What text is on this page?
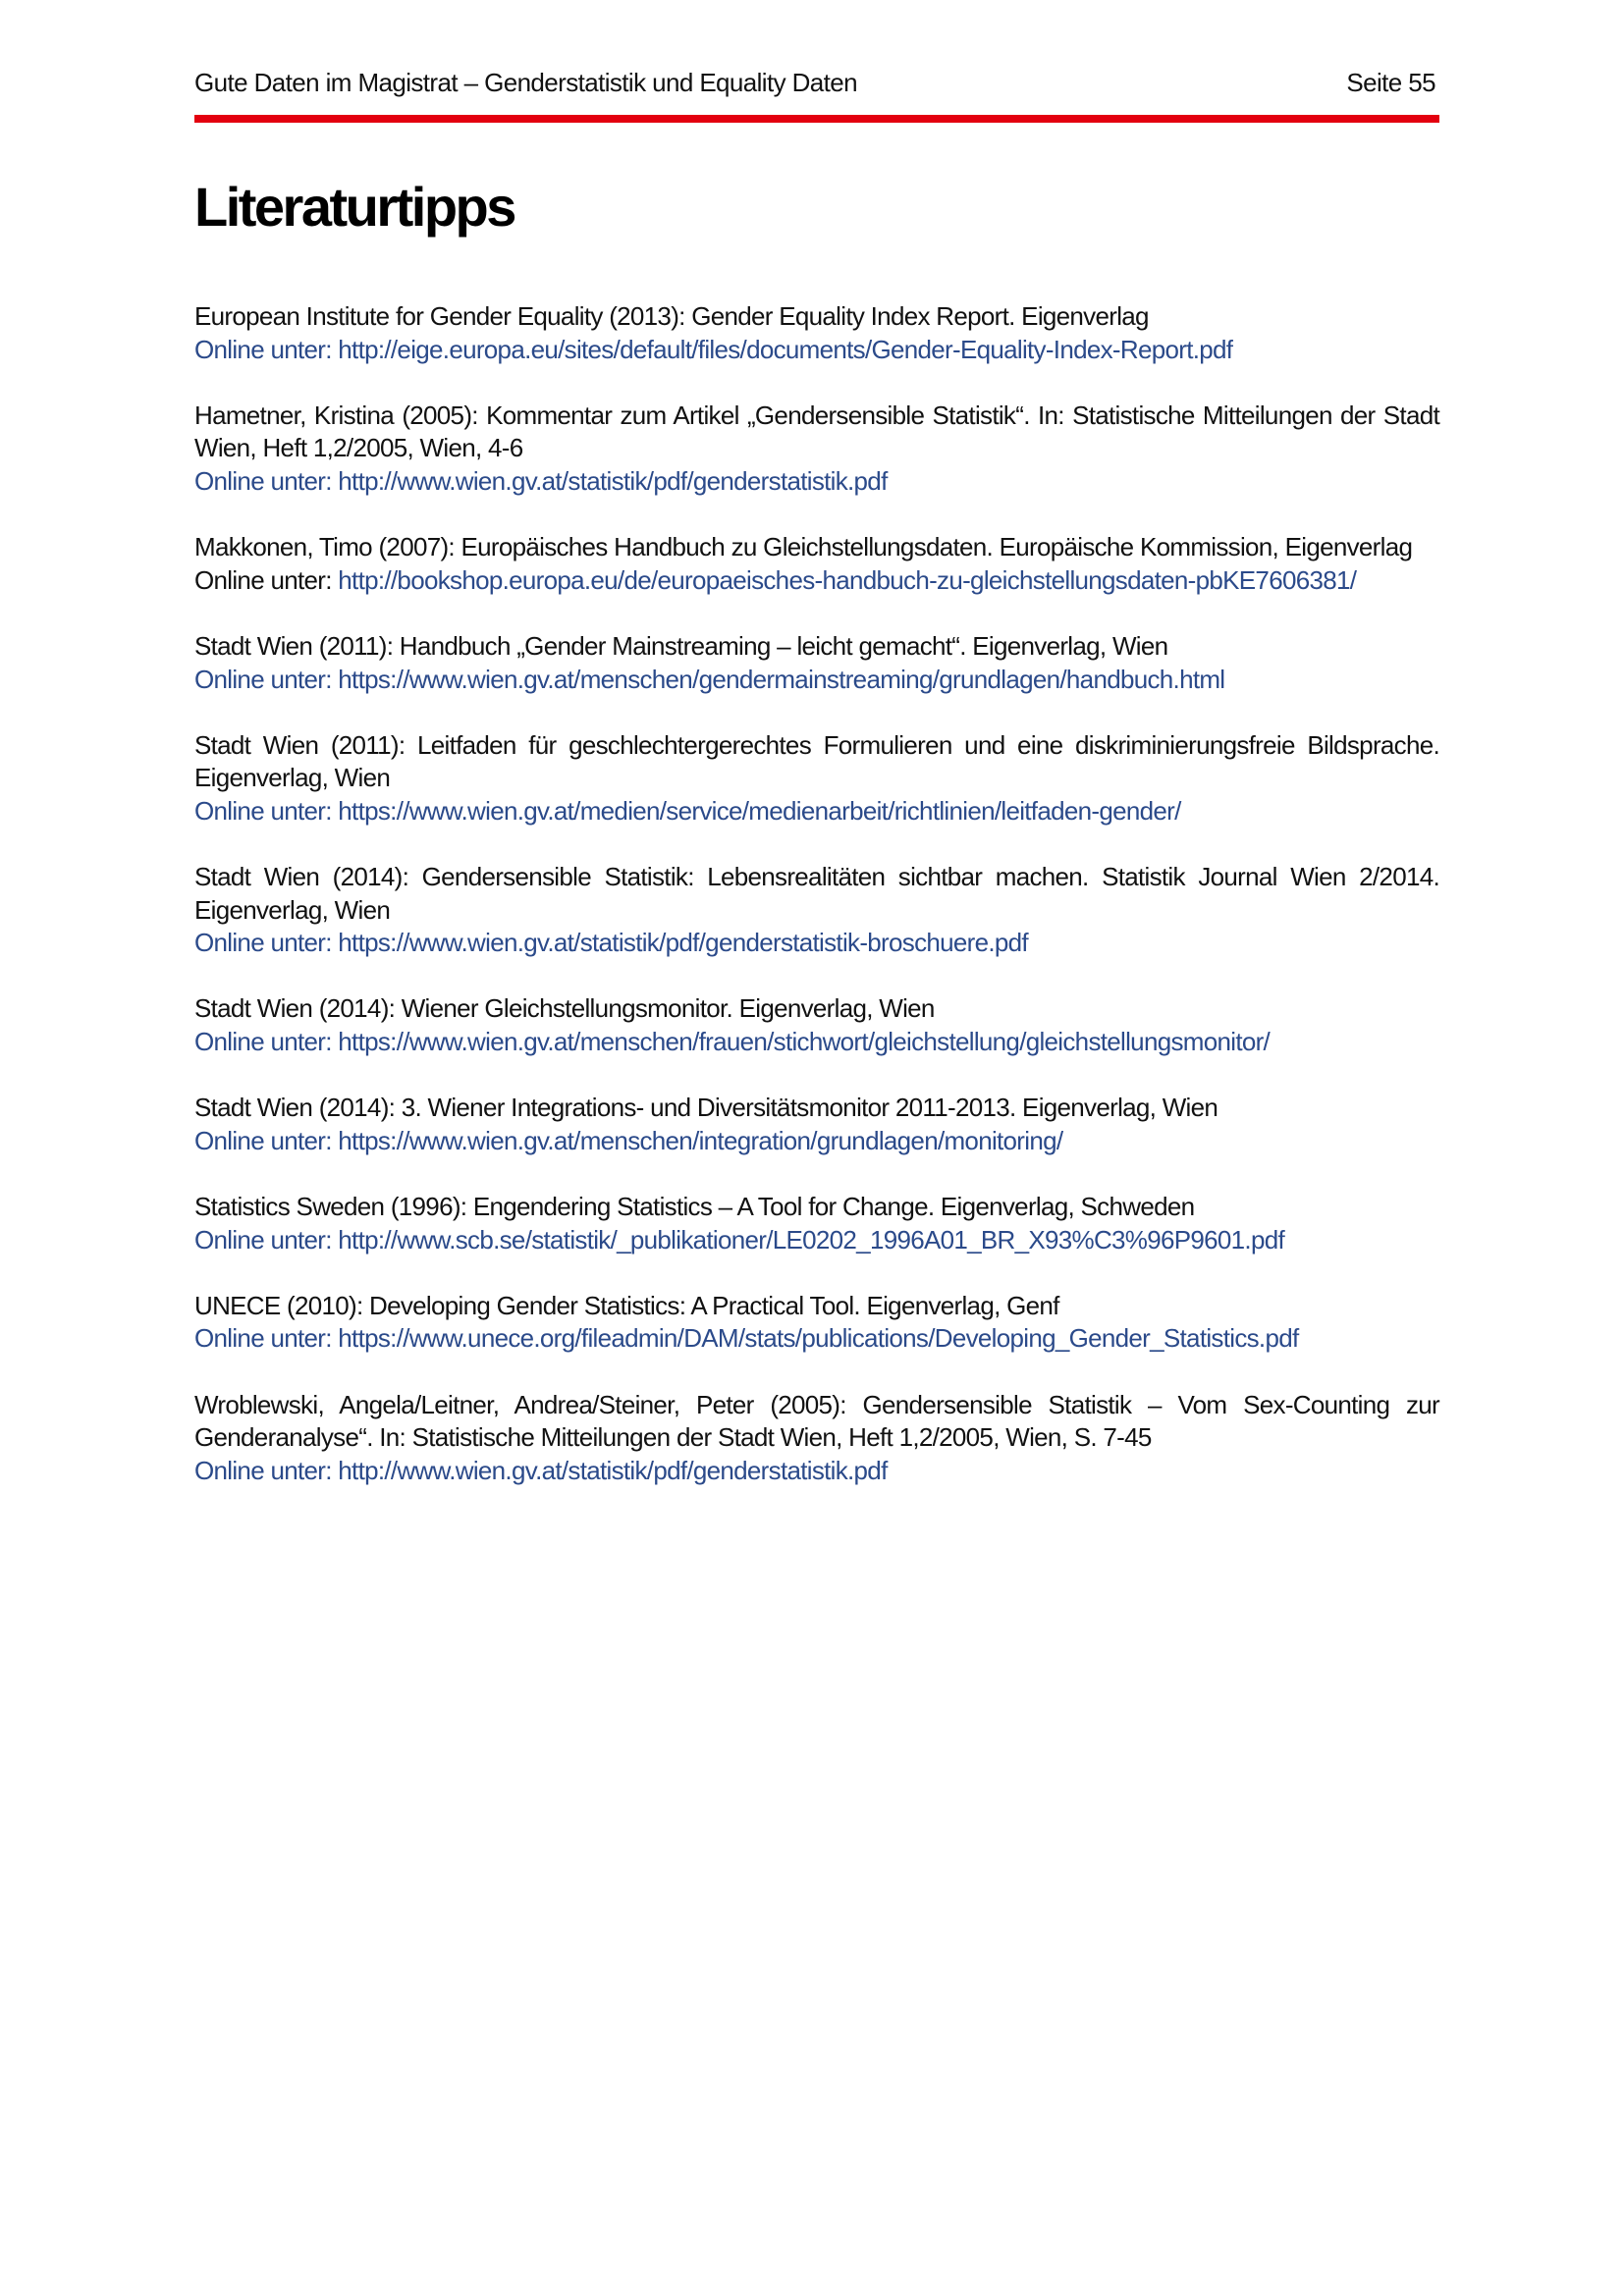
Gute Daten im Magistrat – Genderstatistik und Equality Daten	Seite 55
Literaturtipps

European Institute for Gender Equality (2013): Gender Equality Index Report. Eigenverlag
Online unter: http://eige.europa.eu/sites/default/files/documents/Gender-Equality-Index-Report.pdf

Hametner, Kristina (2005): Kommentar zum Artikel „Gendersensible Statistik“. In: Statistische Mitteilungen der Stadt Wien, Heft 1,2/2005, Wien, 4-6
Online unter: http://www.wien.gv.at/statistik/pdf/genderstatistik.pdf

Makkonen, Timo (2007): Europäisches Handbuch zu Gleichstellungsdaten. Europäische Kommission, Eigenverlag
Online unter: http://bookshop.europa.eu/de/europaeisches-handbuch-zu-gleichstellungsdaten-pbKE7606381/

Stadt Wien (2011): Handbuch „Gender Mainstreaming – leicht gemacht“. Eigenverlag, Wien
Online unter: https://www.wien.gv.at/menschen/gendermainstreaming/grundlagen/handbuch.html

Stadt Wien (2011): Leitfaden für geschlechtergerechtes Formulieren und eine diskriminierungsfreie Bildsprache. Eigenverlag, Wien
Online unter: https://www.wien.gv.at/medien/service/medienarbeit/richtlinien/leitfaden-gender/

Stadt Wien (2014): Gendersensible Statistik: Lebensrealitäten sichtbar machen. Statistik Journal Wien 2/2014. Eigenverlag, Wien
Online unter: https://www.wien.gv.at/statistik/pdf/genderstatistik-broschuere.pdf

Stadt Wien (2014): Wiener Gleichstellungsmonitor. Eigenverlag, Wien
Online unter: https://www.wien.gv.at/menschen/frauen/stichwort/gleichstellung/gleichstellungsmonitor/

Stadt Wien (2014): 3. Wiener Integrations- und Diversitätsmonitor 2011-2013. Eigenverlag, Wien
Online unter: https://www.wien.gv.at/menschen/integration/grundlagen/monitoring/

Statistics Sweden (1996): Engendering Statistics – A Tool for Change. Eigenverlag, Schweden
Online unter: http://www.scb.se/statistik/_publikationer/LE0202_1996A01_BR_X93%C3%96P9601.pdf

UNECE (2010): Developing Gender Statistics: A Practical Tool. Eigenverlag, Genf
Online unter: https://www.unece.org/fileadmin/DAM/stats/publications/Developing_Gender_Statistics.pdf

Wroblewski, Angela/Leitner, Andrea/Steiner, Peter (2005): Gendersensible Statistik – Vom Sex-Counting zur Genderanalyse“. In: Statistische Mitteilungen der Stadt Wien, Heft 1,2/2005, Wien, S. 7-45
Online unter: http://www.wien.gv.at/statistik/pdf/genderstatistik.pdf
